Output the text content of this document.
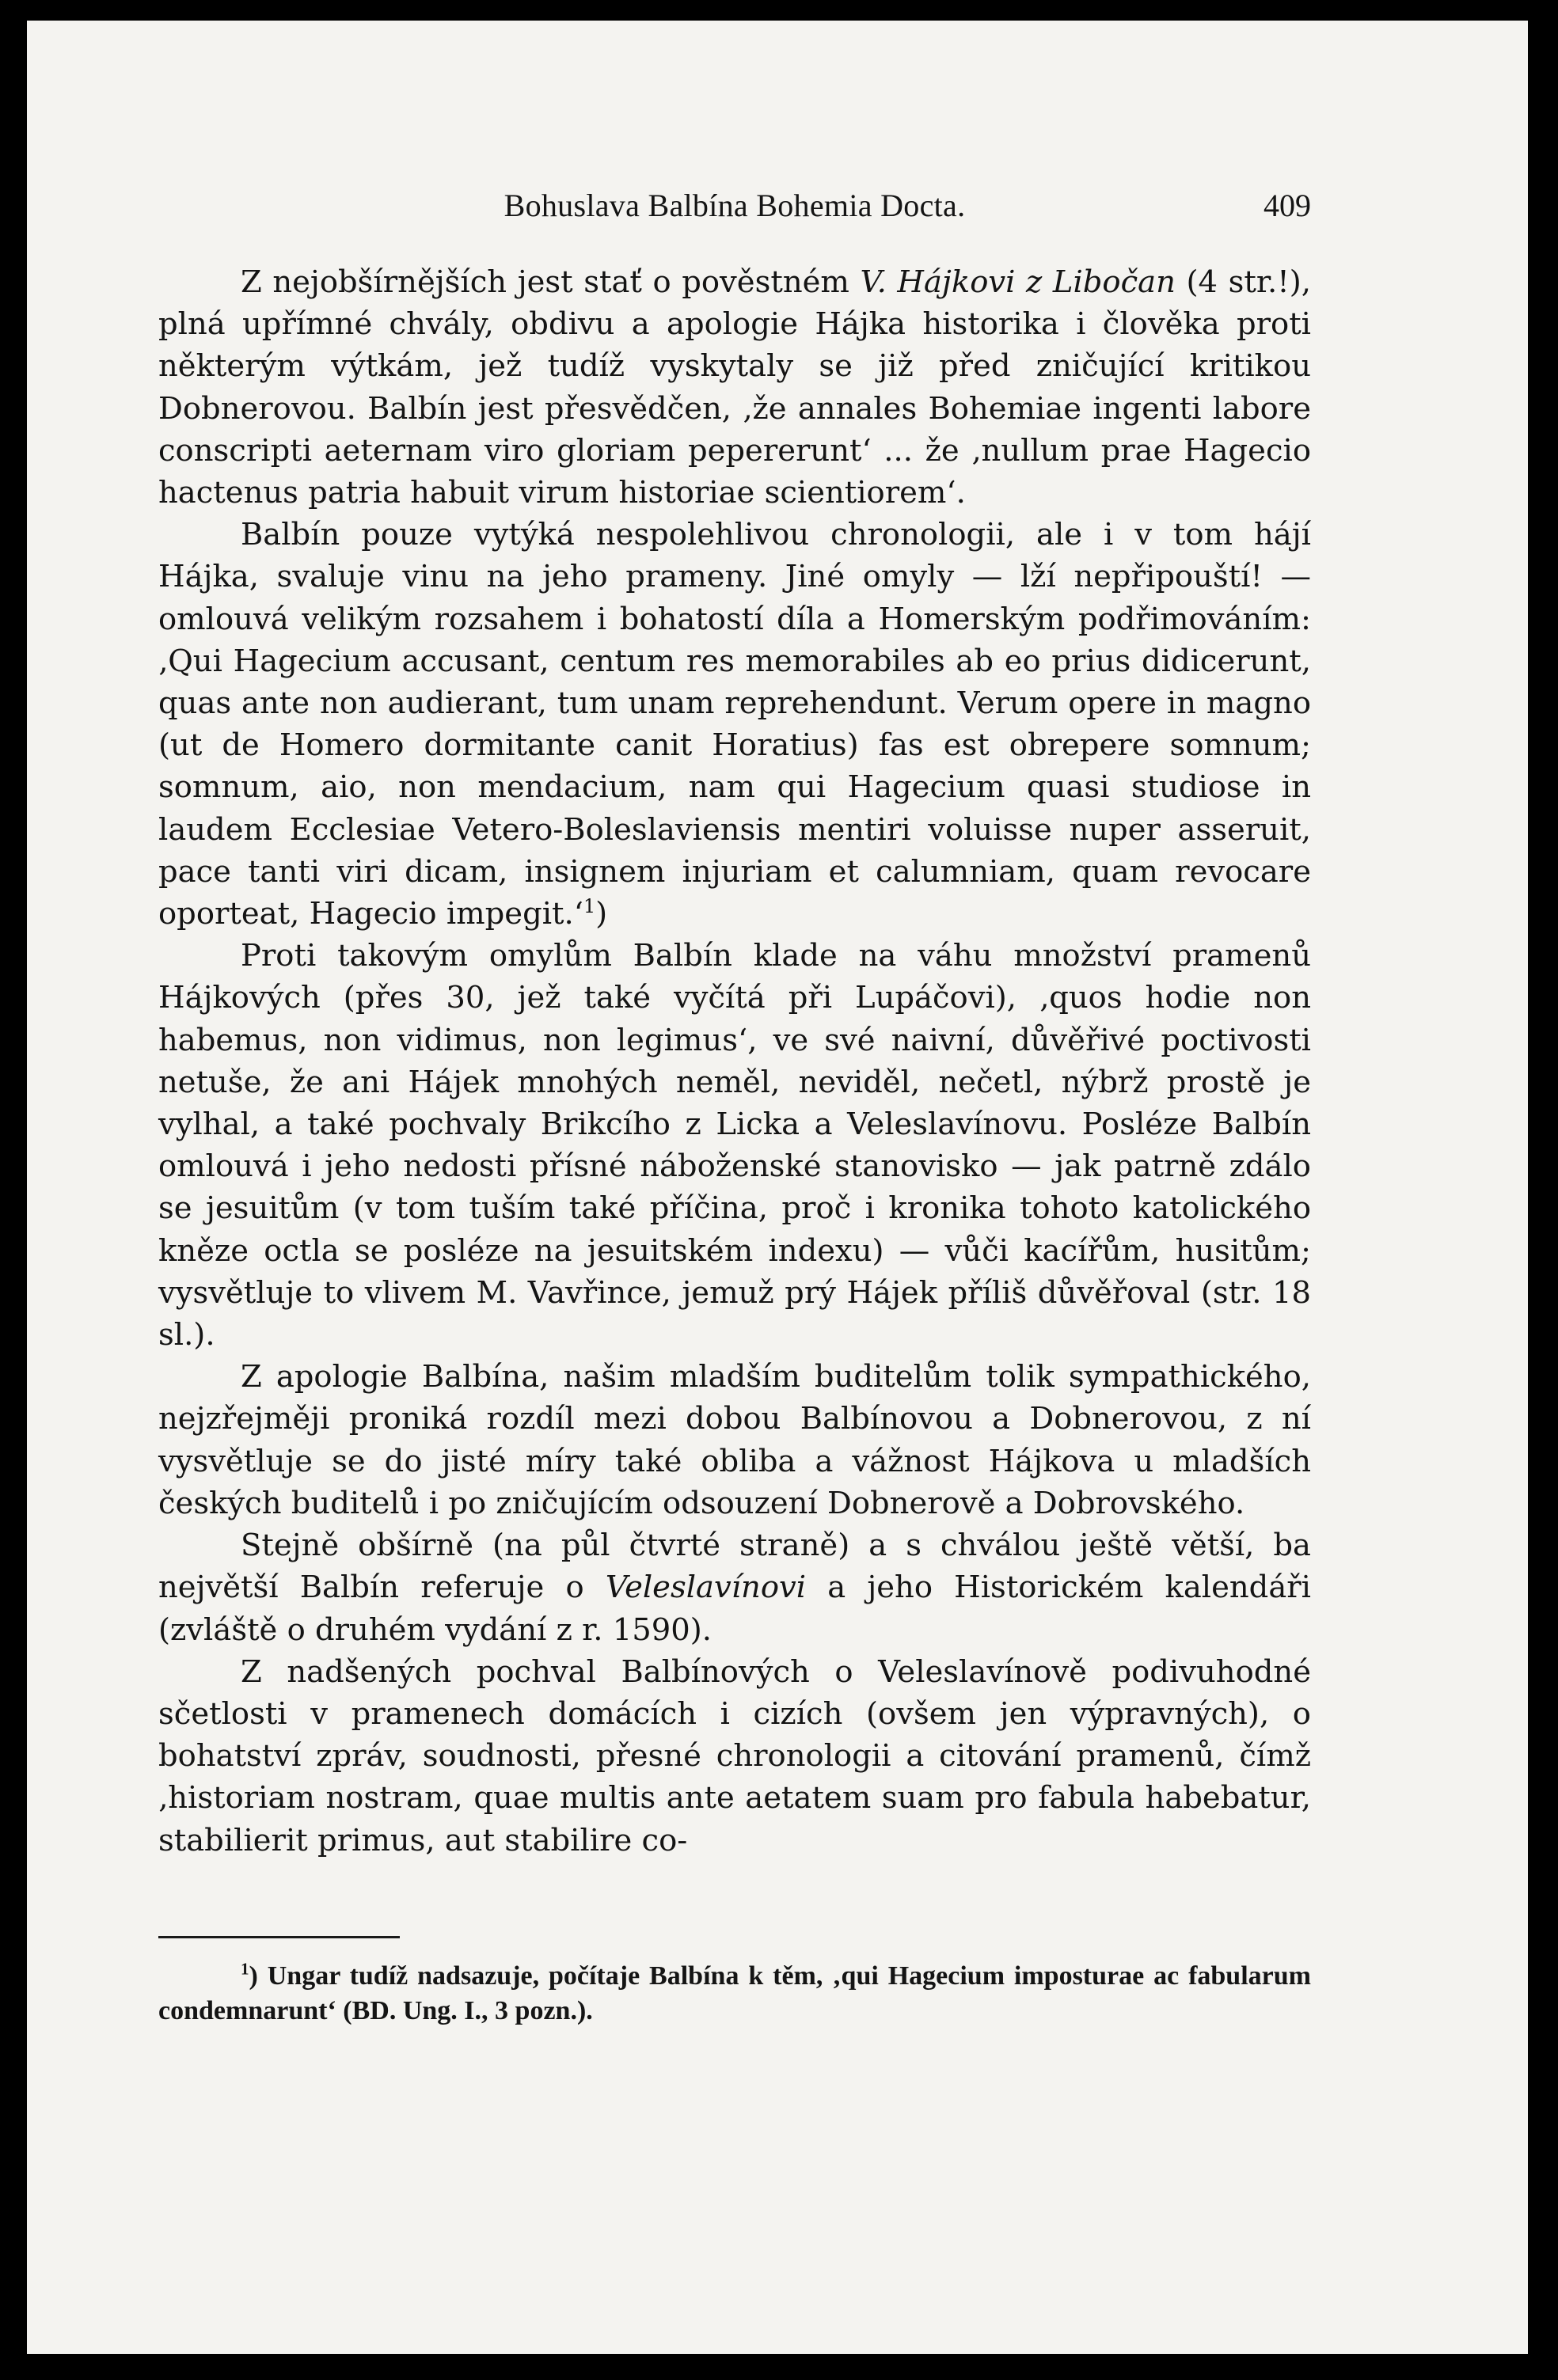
Bohuslava Balbína Bohemia Docta.	409

Z nejobšírnějších jest stať o pověstném V. Hájkovi z Libočan (4 str.!), plná upřímné chvály, obdivu a apologie Hájka historika i člověka proti některým výtkám, jež tudíž vyskytaly se již před zničující kritikou Dobnerovou. Balbín jest přesvědčen, ‚že annales Bohemiae ingenti labore conscripti aeternam viro gloriam pepererunt‘ ... že ‚nullum prae Hagecio hactenus patria habuit virum historiae scientiorem‘.

Balbín pouze vytýká nespolehlivou chronologii, ale i v tom hájí Hájka, svaluje vinu na jeho prameny. Jiné omyly — lží nepřipouští! — omlouvá velikým rozsahem i bohatostí díla a Homerským podřimováním: ‚Qui Hagecium accusant, centum res memorabiles ab eo prius didicerunt, quas ante non audierant, tum unam reprehendunt. Verum opere in magno (ut de Homero dormitante canit Horatius) fas est obrepere somnum; somnum, aio, non mendacium, nam qui Hagecium quasi studiose in laudem Ecclesiae Vetero-Boleslaviensis mentiri voluisse nuper asseruit, pace tanti viri dicam, insignem injuriam et calumniam, quam revocare oporteat, Hagecio impegit.‘$^1$)

Proti takovým omylům Balbín klade na váhu množství pramenů Hájkových (přes 30, jež také vyčítá při Lupáčovi), ‚quos hodie non habemus, non vidimus, non legimus‘, ve své naivní, důvěřivé poctivosti netuše, že ani Hájek mnohých neměl, neviděl, nečetl, nýbrž prostě je vylhal, a také pochvaly Brikcího z Licka a Veleslavínovu. Posléze Balbín omlouvá i jeho nedosti přísné náboženské stanovisko — jak patrně zdálo se jesuitům (v tom tuším také příčina, proč i kronika tohoto katolického kněze octla se posléze na jesuitském indexu) — vůči kacířům, husitům; vysvětluje to vlivem M. Vavřince, jemuž prý Hájek příliš důvěřoval (str. 18 sl.).

Z apologie Balbína, našim mladším buditelům tolik sympathického, nejzřejměji proniká rozdíl mezi dobou Balbínovou a Dobnerovou, z ní vysvětluje se do jisté míry také obliba a vážnost Hájkova u mladších českých buditelů i po zničujícím odsouzení Dobnerově a Dobrovského.

Stejně obšírně (na půl čtvrté straně) a s chválou ještě větší, ba největší Balbín referuje o Veleslavínovi a jeho Historickém kalendáři (zvláště o druhém vydání z r. 1590).

Z nadšených pochval Balbínových o Veleslavínově podivuhodné sčetlosti v pramenech domácích i cizích (ovšem jen výpravných), o bohatství zpráv, soudnosti, přesné chronologii a citování pramenů, čímž ‚historiam nostram, quae multis ante aetatem suam pro fabula habebatur, stabilierit primus, aut stabilire co-

$^1$) Ungar tudíž nadsazuje, počítaje Balbína k těm, ‚qui Hagecium imposturae ac fabularum condemnarunt‘ (BD. Ung. I., 3 pozn.).
